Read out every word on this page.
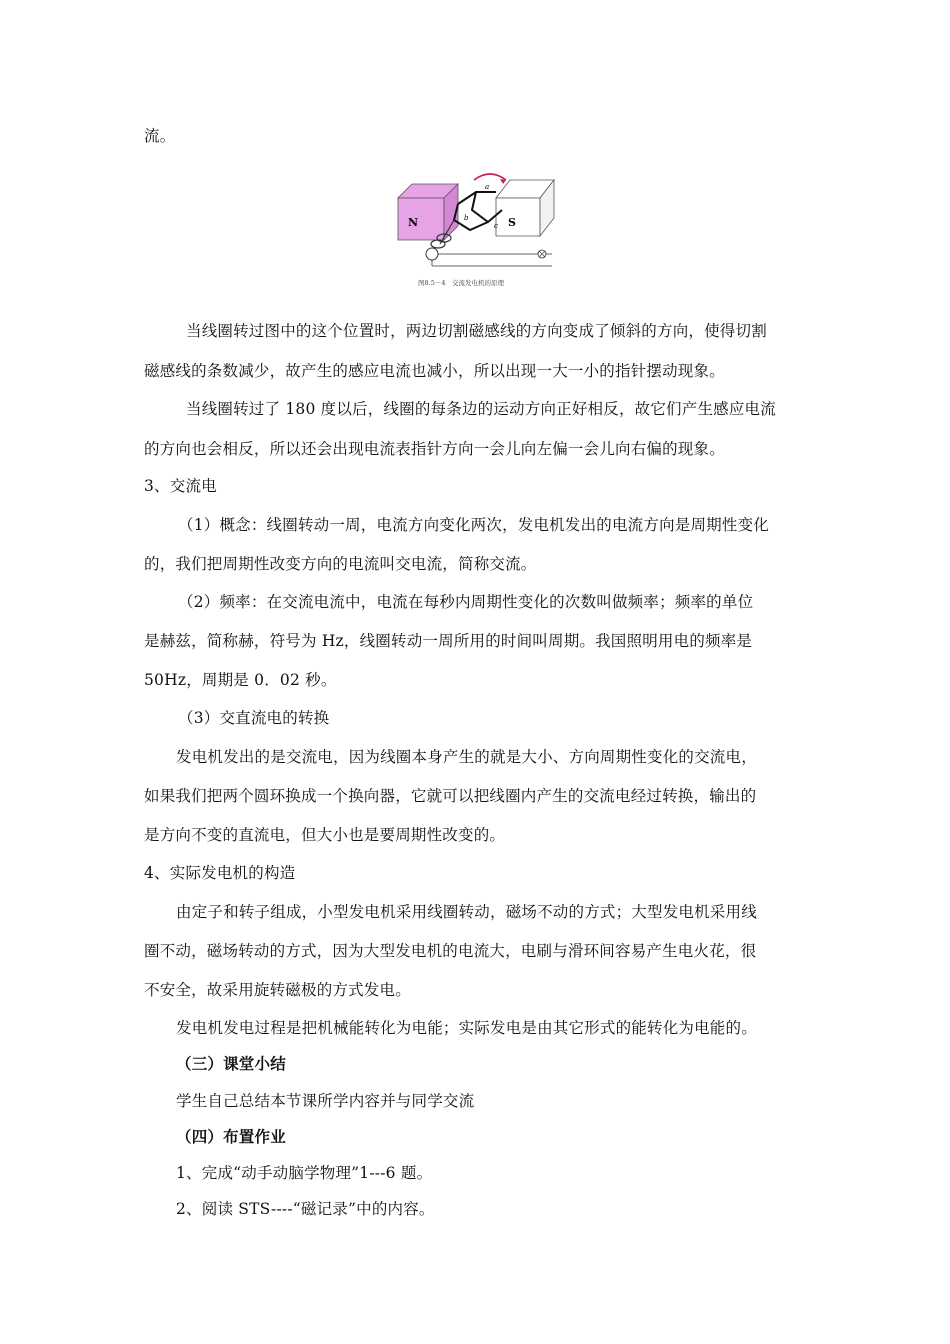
流。
N	S
a
b
c
图8.5－4　交流发电机的原理
当线圈转过图中的这个位置时，两边切割磁感线的方向变成了倾斜的方向，使得切割
磁感线的条数减少，故产生的感应电流也减小，所以出现一大一小的指针摆动现象。
当线圈转过了 180 度以后，线圈的每条边的运动方向正好相反，故它们产生感应电流
的方向也会相反，所以还会出现电流表指针方向一会儿向左偏一会儿向右偏的现象。
3、交流电
（1）概念：线圈转动一周，电流方向变化两次，发电机发出的电流方向是周期性变化
的，我们把周期性改变方向的电流叫交电流，简称交流。
（2）频率：在交流电流中，电流在每秒内周期性变化的次数叫做频率；频率的单位
是赫兹，简称赫，符号为 Hz，线圈转动一周所用的时间叫周期。我国照明用电的频率是
50Hz，周期是 0．02 秒。
（3）交直流电的转换
发电机发出的是交流电，因为线圈本身产生的就是大小、方向周期性变化的交流电，
如果我们把两个圆环换成一个换向器，它就可以把线圈内产生的交流电经过转换，输出的
是方向不变的直流电，但大小也是要周期性改变的。
4、实际发电机的构造
由定子和转子组成，小型发电机采用线圈转动，磁场不动的方式；大型发电机采用线
圈不动，磁场转动的方式，因为大型发电机的电流大，电刷与滑环间容易产生电火花，很
不安全，故采用旋转磁极的方式发电。
发电机发电过程是把机械能转化为电能；实际发电是由其它形式的能转化为电能的。
（三）课堂小结
学生自己总结本节课所学内容并与同学交流
（四）布置作业
1、完成“动手动脑学物理”1---6 题。
2、阅读 STS----“磁记录”中的内容。
